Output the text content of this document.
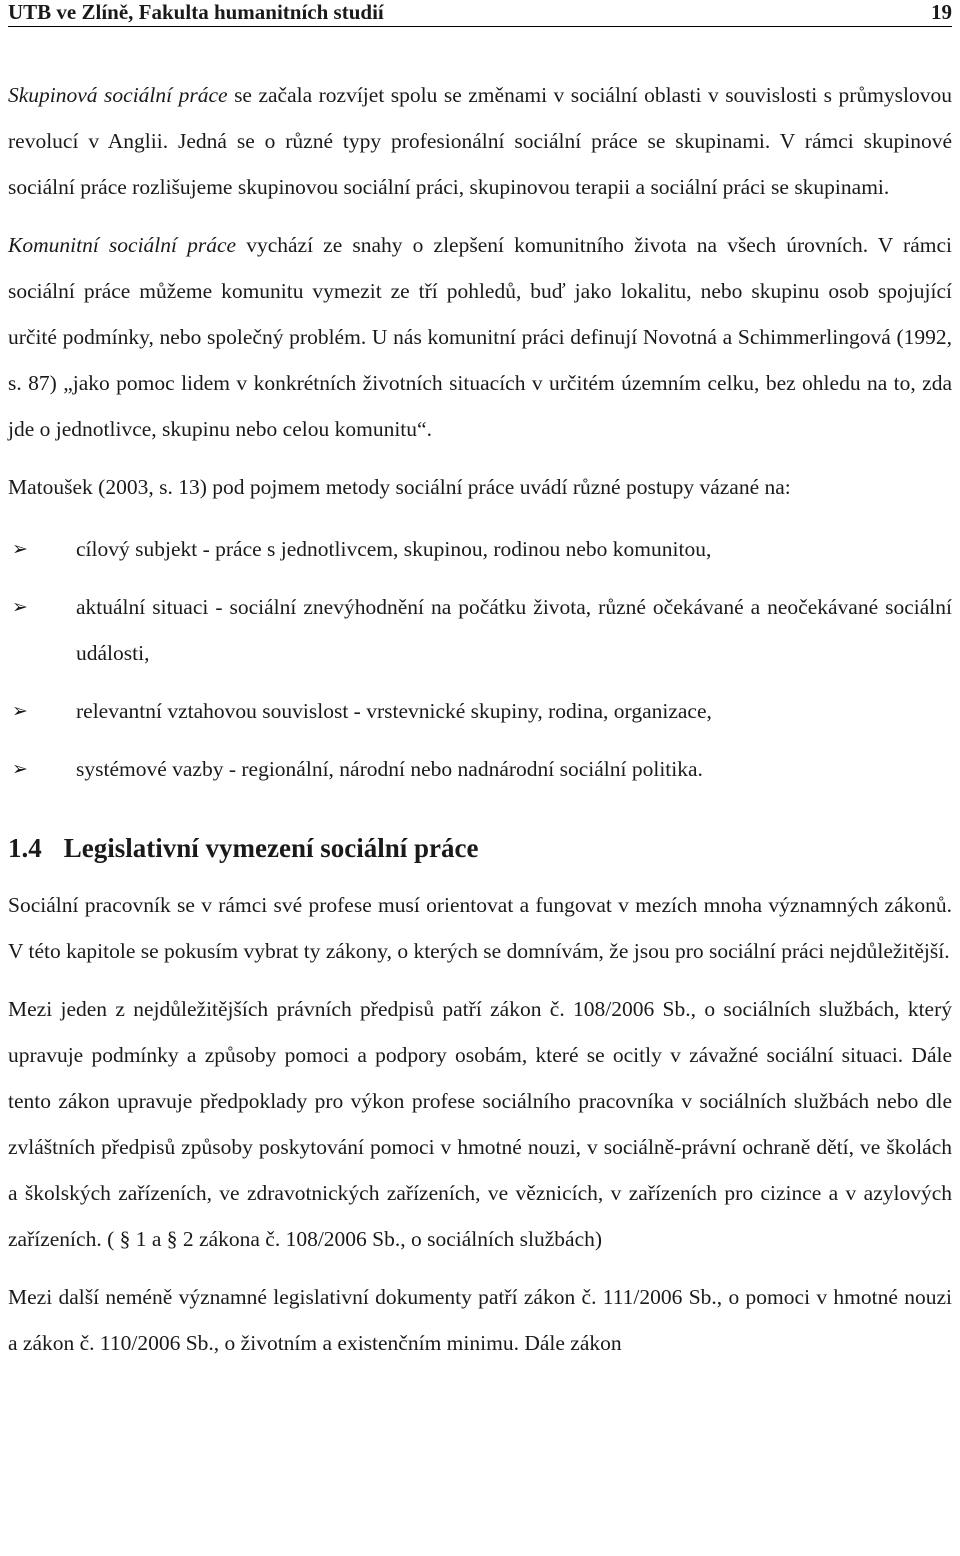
UTB ve Zlíně, Fakulta humanitních studií	19

Skupinová sociální práce se začala rozvíjet spolu se změnami v sociální oblasti v souvislosti s průmyslovou revolucí v Anglii. Jedná se o různé typy profesionální sociální práce se skupinami. V rámci skupinové sociální práce rozlišujeme skupinovou sociální práci, skupinovou terapii a sociální práci se skupinami.

Komunitní sociální práce vychází ze snahy o zlepšení komunitního života na všech úrovních. V rámci sociální práce můžeme komunitu vymezit ze tří pohledů, buď jako lokalitu, nebo skupinu osob spojující určité podmínky, nebo společný problém. U nás komunitní práci definují Novotná a Schimmerlingová (1992, s. 87) „jako pomoc lidem v konkrétních životních situacích v určitém územním celku, bez ohledu na to, zda jde o jednotlivce, skupinu nebo celou komunitu“.

Matoušek (2003, s. 13) pod pojmem metody sociální práce uvádí různé postupy vázané na:

➢ cílový subjekt - práce s jednotlivcem, skupinou, rodinou nebo komunitou,
➢ aktuální situaci - sociální znevýhodnění na počátku života, různé očekávané a neočekávané sociální události,
➢ relevantní vztahovou souvislost - vrstevnické skupiny, rodina, organizace,
➢ systémové vazby - regionální, národní nebo nadnárodní sociální politika.
1.4 Legislativní vymezení sociální práce

Sociální pracovník se v rámci své profese musí orientovat a fungovat v mezích mnoha významných zákonů. V této kapitole se pokusím vybrat ty zákony, o kterých se domnívám, že jsou pro sociální práci nejdůležitější.

Mezi jeden z nejdůležitějších právních předpisů patří zákon č. 108/2006 Sb., o sociálních službách, který upravuje podmínky a způsoby pomoci a podpory osobám, které se ocitly v závažné sociální situaci. Dále tento zákon upravuje předpoklady pro výkon profese sociálního pracovníka v sociálních službách nebo dle zvláštních předpisů způsoby poskytování pomoci v hmotné nouzi, v sociálně-právní ochraně dětí, ve školách a školských zařízeních, ve zdravotnických zařízeních, ve věznicích, v zařízeních pro cizince a v azylových zařízeních. ( § 1 a § 2 zákona č. 108/2006 Sb., o sociálních službách)

Mezi další neméně významné legislativní dokumenty patří zákon č. 111/2006 Sb., o pomoci v hmotné nouzi a zákon č. 110/2006 Sb., o životním a existenčním minimu. Dále zákon
